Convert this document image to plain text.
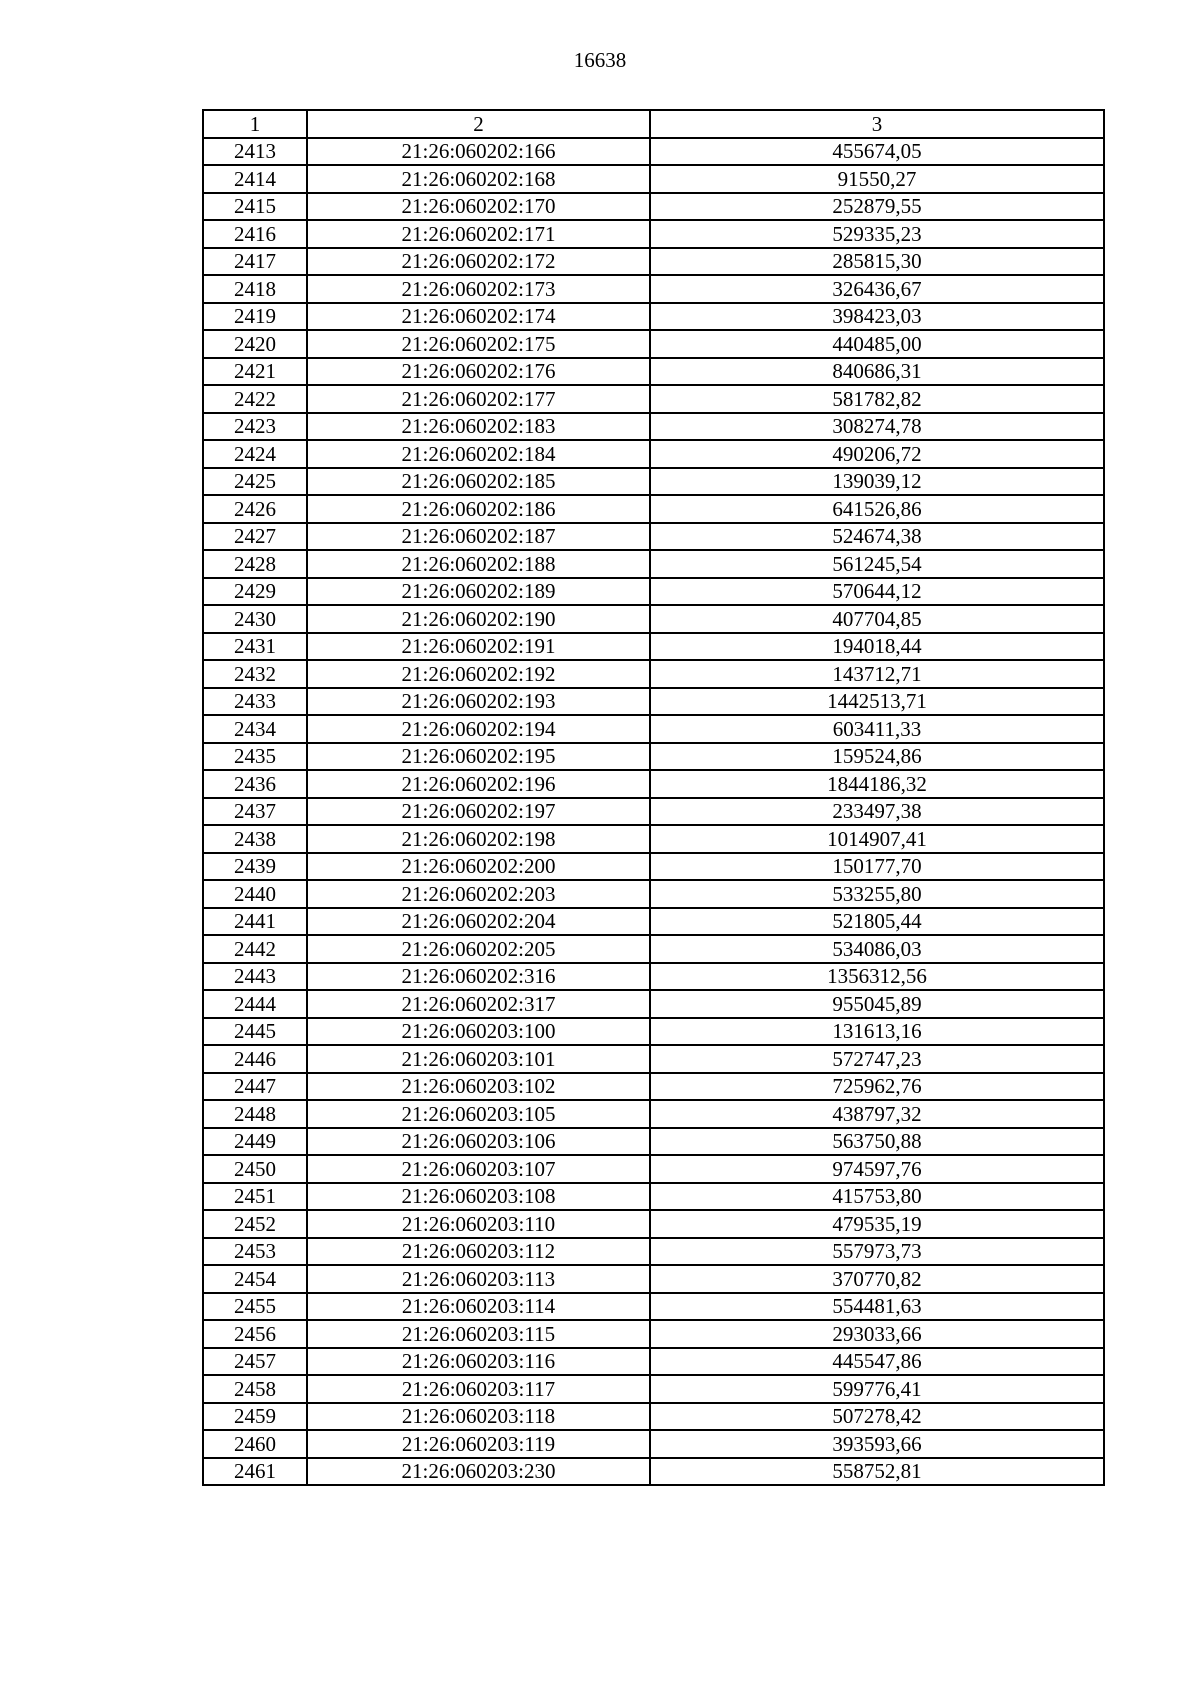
16638
1	2	3
2413	21:26:060202:166	455674,05
2414	21:26:060202:168	91550,27
2415	21:26:060202:170	252879,55
2416	21:26:060202:171	529335,23
2417	21:26:060202:172	285815,30
2418	21:26:060202:173	326436,67
2419	21:26:060202:174	398423,03
2420	21:26:060202:175	440485,00
2421	21:26:060202:176	840686,31
2422	21:26:060202:177	581782,82
2423	21:26:060202:183	308274,78
2424	21:26:060202:184	490206,72
2425	21:26:060202:185	139039,12
2426	21:26:060202:186	641526,86
2427	21:26:060202:187	524674,38
2428	21:26:060202:188	561245,54
2429	21:26:060202:189	570644,12
2430	21:26:060202:190	407704,85
2431	21:26:060202:191	194018,44
2432	21:26:060202:192	143712,71
2433	21:26:060202:193	1442513,71
2434	21:26:060202:194	603411,33
2435	21:26:060202:195	159524,86
2436	21:26:060202:196	1844186,32
2437	21:26:060202:197	233497,38
2438	21:26:060202:198	1014907,41
2439	21:26:060202:200	150177,70
2440	21:26:060202:203	533255,80
2441	21:26:060202:204	521805,44
2442	21:26:060202:205	534086,03
2443	21:26:060202:316	1356312,56
2444	21:26:060202:317	955045,89
2445	21:26:060203:100	131613,16
2446	21:26:060203:101	572747,23
2447	21:26:060203:102	725962,76
2448	21:26:060203:105	438797,32
2449	21:26:060203:106	563750,88
2450	21:26:060203:107	974597,76
2451	21:26:060203:108	415753,80
2452	21:26:060203:110	479535,19
2453	21:26:060203:112	557973,73
2454	21:26:060203:113	370770,82
2455	21:26:060203:114	554481,63
2456	21:26:060203:115	293033,66
2457	21:26:060203:116	445547,86
2458	21:26:060203:117	599776,41
2459	21:26:060203:118	507278,42
2460	21:26:060203:119	393593,66
2461	21:26:060203:230	558752,81
